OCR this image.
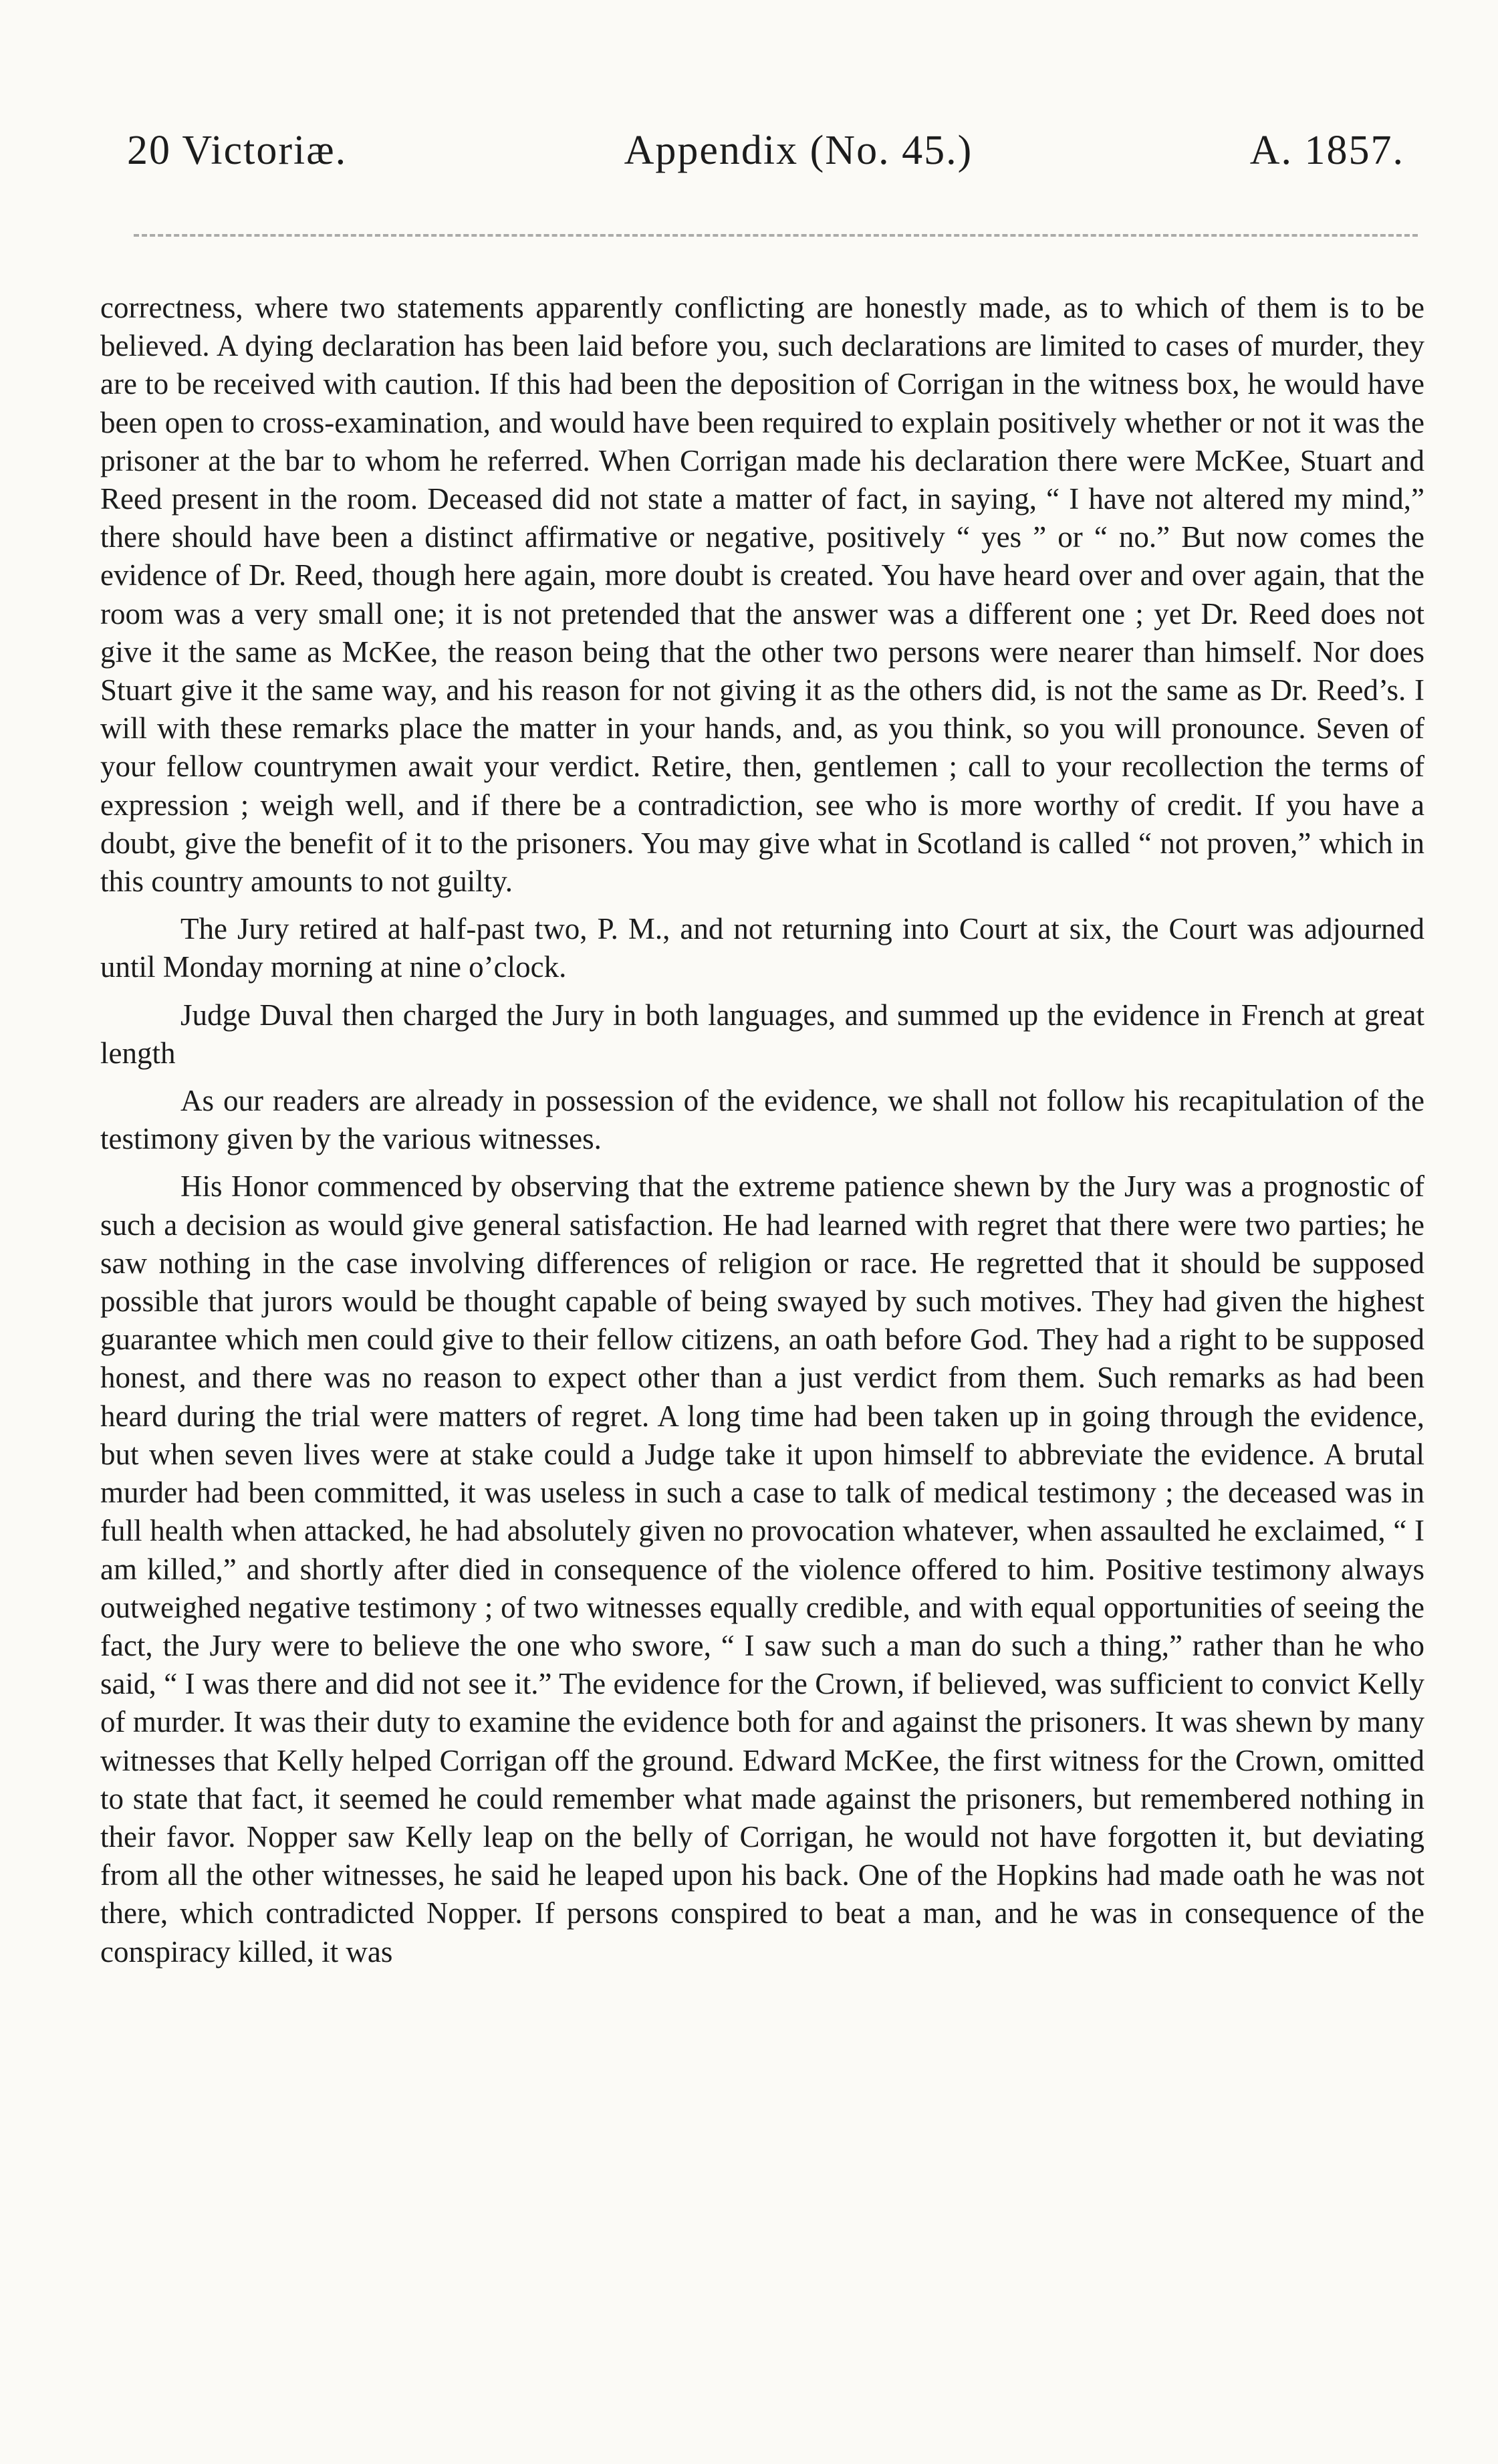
20 Victoriæ.	Appendix (No. 45.)	A. 1857.

correctness, where two statements apparently conflicting are honestly made, as to which of them is to be believed. A dying declaration has been laid before you, such declarations are limited to cases of murder, they are to be received with caution. If this had been the deposition of Corrigan in the witness box, he would have been open to cross-examination, and would have been required to explain positively whether or not it was the prisoner at the bar to whom he referred. When Corrigan made his declaration there were McKee, Stuart and Reed present in the room. Deceased did not state a matter of fact, in saying, “ I have not altered my mind,” there should have been a distinct affirmative or negative, positively “ yes ” or “ no.” But now comes the evidence of Dr. Reed, though here again, more doubt is created. You have heard over and over again, that the room was a very small one; it is not pretended that the answer was a different one ; yet Dr. Reed does not give it the same as McKee, the reason being that the other two persons were nearer than himself. Nor does Stuart give it the same way, and his reason for not giving it as the others did, is not the same as Dr. Reed’s. I will with these remarks place the matter in your hands, and, as you think, so you will pronounce. Seven of your fellow countrymen await your verdict. Retire, then, gentlemen ; call to your recollection the terms of expression ; weigh well, and if there be a contradiction, see who is more worthy of credit. If you have a doubt, give the benefit of it to the prisoners. You may give what in Scotland is called “ not proven,” which in this country amounts to not guilty.

The Jury retired at half-past two, P. M., and not returning into Court at six, the Court was adjourned until Monday morning at nine o’clock.

Judge Duval then charged the Jury in both languages, and summed up the evidence in French at great length

As our readers are already in possession of the evidence, we shall not follow his recapitulation of the testimony given by the various witnesses.

His Honor commenced by observing that the extreme patience shewn by the Jury was a prognostic of such a decision as would give general satisfaction. He had learned with regret that there were two parties; he saw nothing in the case involving differences of religion or race. He regretted that it should be supposed possible that jurors would be thought capable of being swayed by such motives. They had given the highest guarantee which men could give to their fellow citizens, an oath before God. They had a right to be supposed honest, and there was no reason to expect other than a just verdict from them. Such remarks as had been heard during the trial were matters of regret. A long time had been taken up in going through the evidence, but when seven lives were at stake could a Judge take it upon himself to abbreviate the evidence. A brutal murder had been committed, it was useless in such a case to talk of medical testimony ; the deceased was in full health when attacked, he had absolutely given no provocation whatever, when assaulted he exclaimed, “ I am killed,” and shortly after died in consequence of the violence offered to him. Positive testimony always outweighed negative testimony ; of two witnesses equally credible, and with equal opportunities of seeing the fact, the Jury were to believe the one who swore, “ I saw such a man do such a thing,” rather than he who said, “ I was there and did not see it.” The evidence for the Crown, if believed, was sufficient to convict Kelly of murder. It was their duty to examine the evidence both for and against the prisoners. It was shewn by many witnesses that Kelly helped Corrigan off the ground. Edward McKee, the first witness for the Crown, omitted to state that fact, it seemed he could remember what made against the prisoners, but remembered nothing in their favor. Nopper saw Kelly leap on the belly of Corrigan, he would not have forgotten it, but deviating from all the other witnesses, he said he leaped upon his back. One of the Hopkins had made oath he was not there, which contradicted Nopper. If persons conspired to beat a man, and he was in consequence of the conspiracy killed, it was
